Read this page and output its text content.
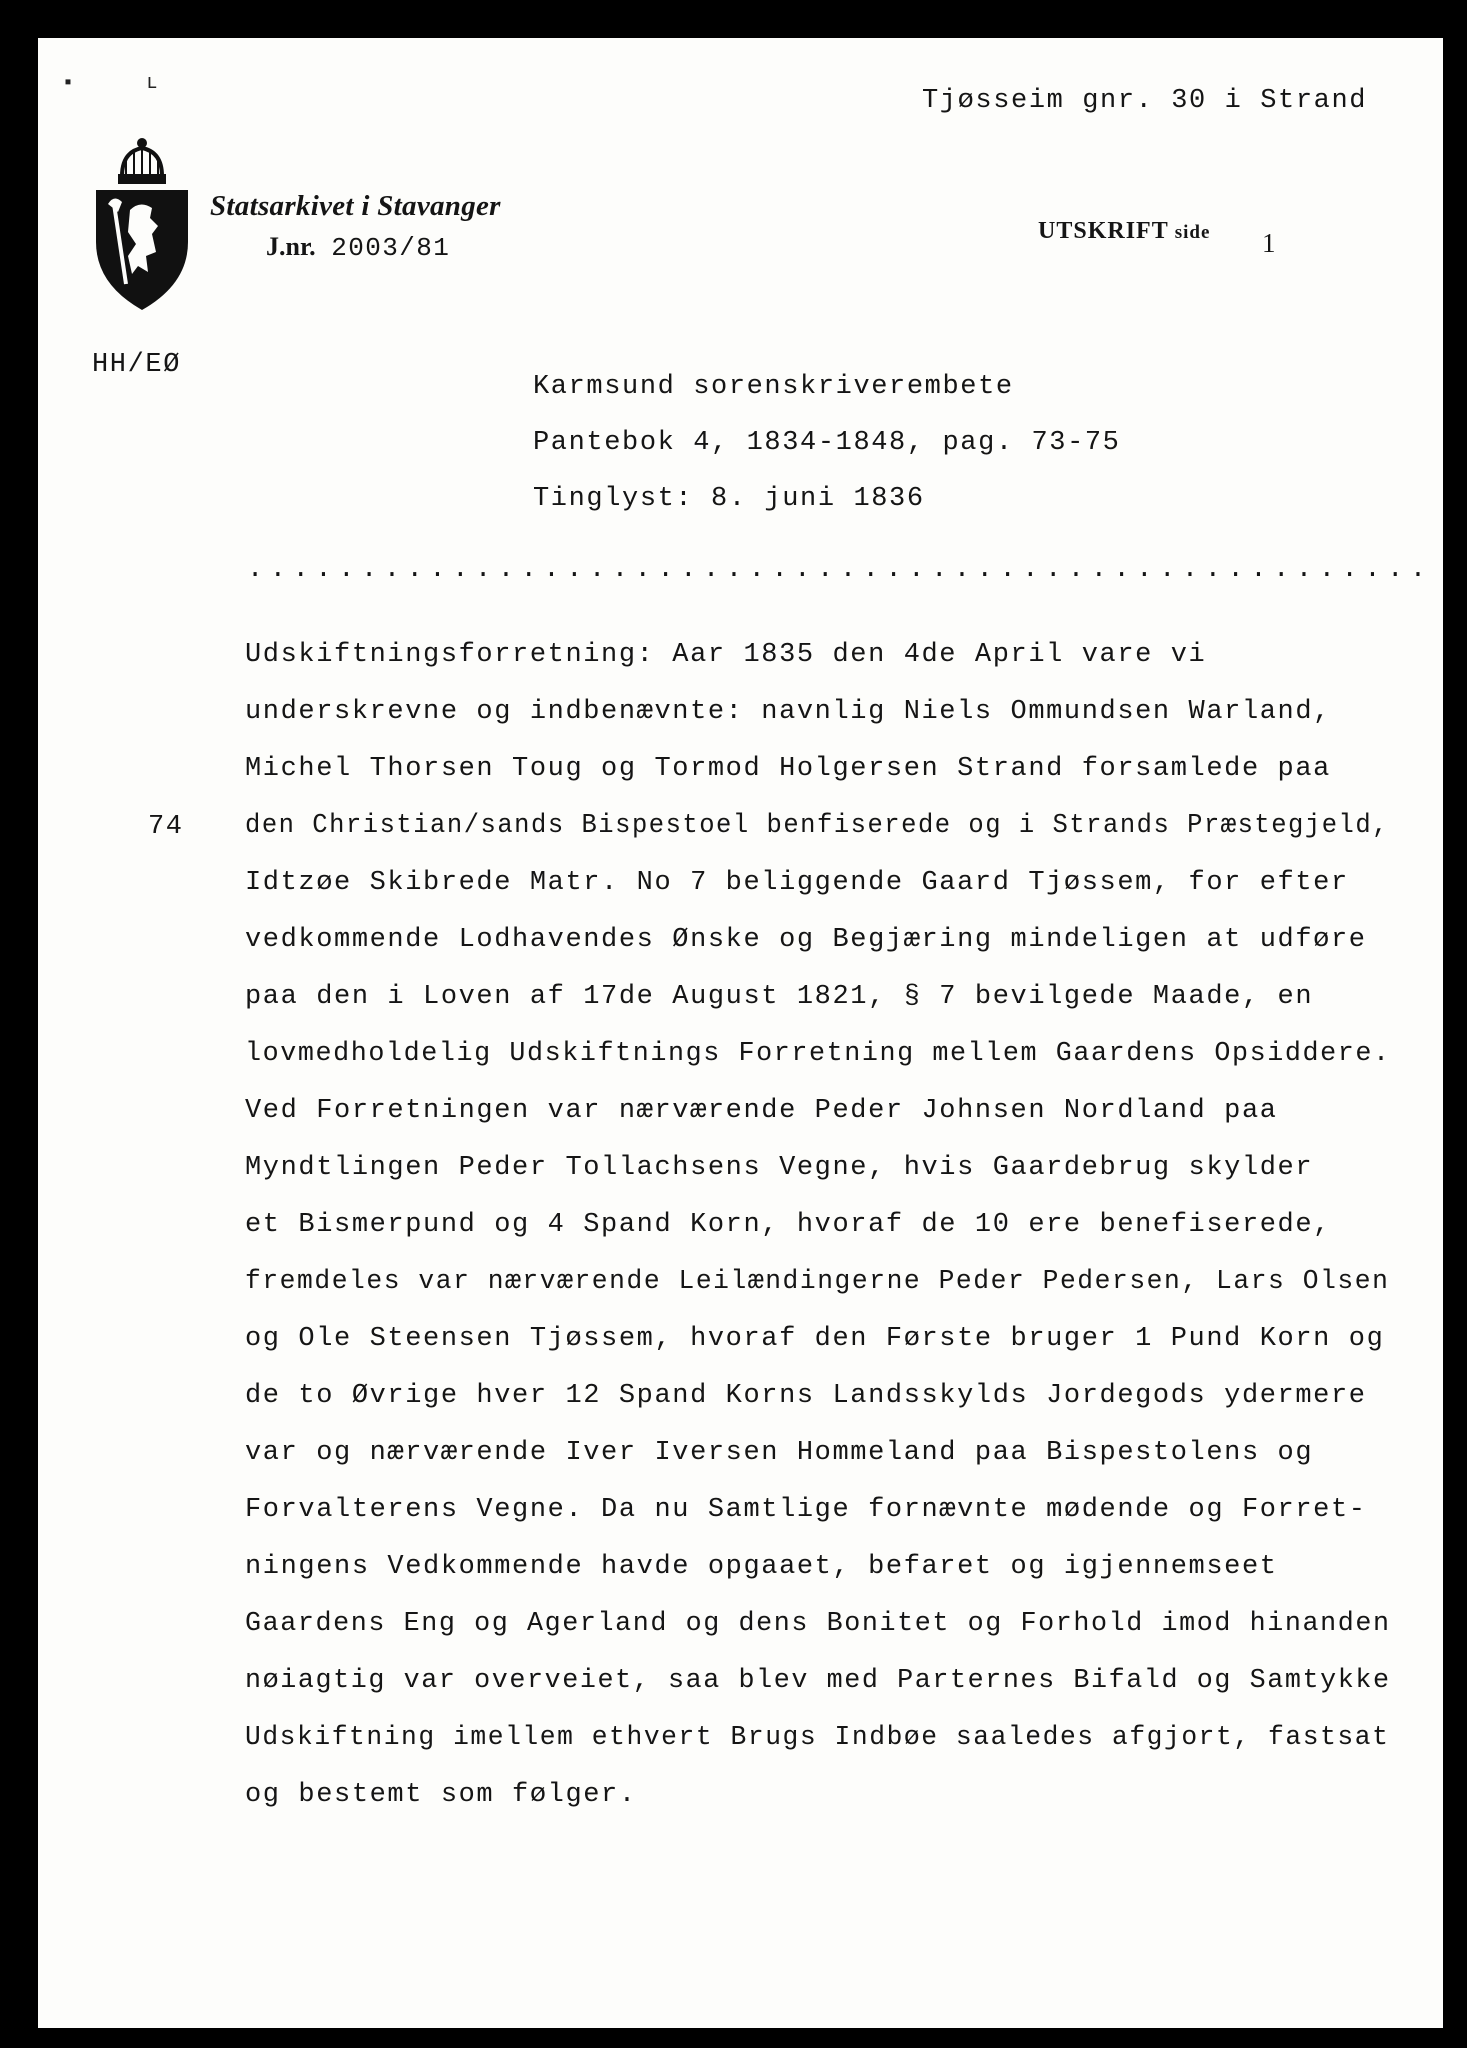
▪	ʟ
Tjøsseim gnr. 30 i Strand
Statsarkivet i Stavanger
J.nr. 2003/81
UTSKRIFT side 1
HH/EØ
Karmsund sorenskriverembete
Pantebok 4, 1834-1848, pag. 73-75
Tinglyst: 8. juni 1836
....................................................
74
Udskiftningsforretning: Aar 1835 den 4de April vare vi
underskrevne og indbenævnte: navnlig Niels Ommundsen Warland,
Michel Thorsen Toug og Tormod Holgersen Strand forsamlede paa
den Christian/sands Bispestoel benfiserede og i Strands Præstegjeld,
Idtzøe Skibrede Matr. No 7 beliggende Gaard Tjøssem, for efter
vedkommende Lodhavendes Ønske og Begjæring mindeligen at udføre
paa den i Loven af 17de August 1821, § 7 bevilgede Maade, en
lovmedholdelig Udskiftnings Forretning mellem Gaardens Opsiddere.
Ved Forretningen var nærværende Peder Johnsen Nordland paa
Myndtlingen Peder Tollachsens Vegne, hvis Gaardebrug skylder
et Bismerpund og 4 Spand Korn, hvoraf de 10 ere benefiserede,
fremdeles var nærværende Leilændingerne Peder Pedersen, Lars Olsen
og Ole Steensen Tjøssem, hvoraf den Første bruger 1 Pund Korn og
de to Øvrige hver 12 Spand Korns Landsskylds Jordegods ydermere
var og nærværende Iver Iversen Hommeland paa Bispestolens og
Forvalterens Vegne. Da nu Samtlige fornævnte mødende og Forret-
ningens Vedkommende havde opgaaet, befaret og igjennemseet
Gaardens Eng og Agerland og dens Bonitet og Forhold imod hinanden
nøiagtig var overveiet, saa blev med Parternes Bifald og Samtykke
Udskiftning imellem ethvert Brugs Indbøe saaledes afgjort, fastsat
og bestemt som følger.
